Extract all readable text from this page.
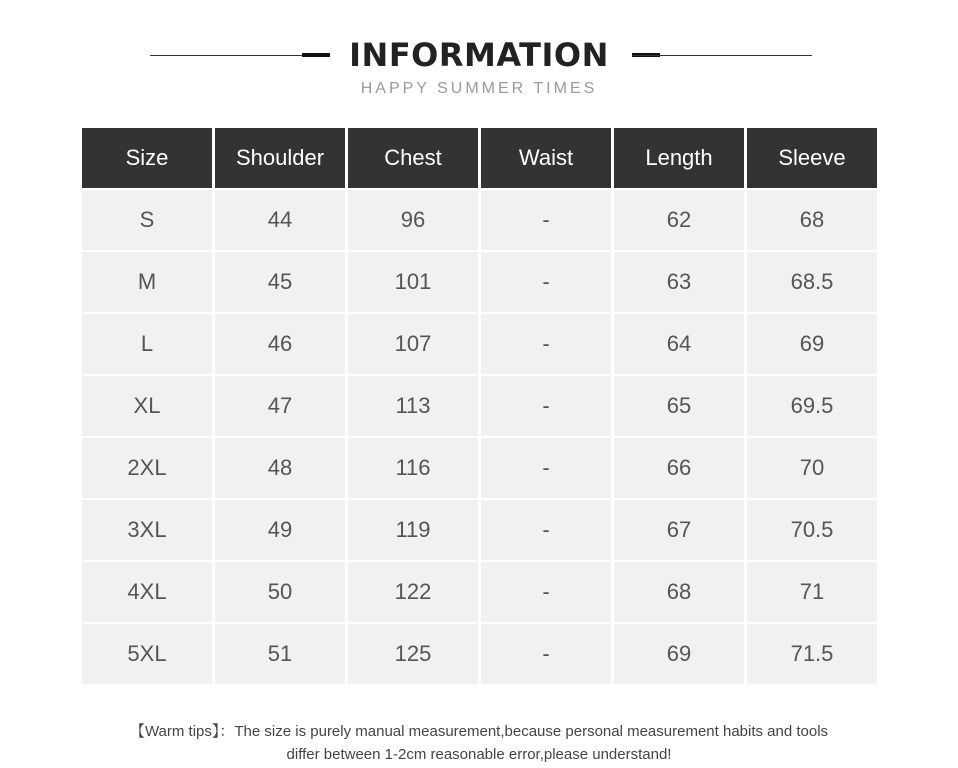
INFORMATION
HAPPY SUMMER TIMES
Size	Shoulder	Chest	Waist	Length	Sleeve
S	44	96	-	62	68
M	45	101	-	63	68.5
L	46	107	-	64	69
XL	47	113	-	65	69.5
2XL	48	116	-	66	70
3XL	49	119	-	67	70.5
4XL	50	122	-	68	71
5XL	51	125	-	69	71.5
【Warm tips】：The size is purely manual measurement,because personal measurement habits and tools
differ between 1-2cm reasonable error,please understand!
